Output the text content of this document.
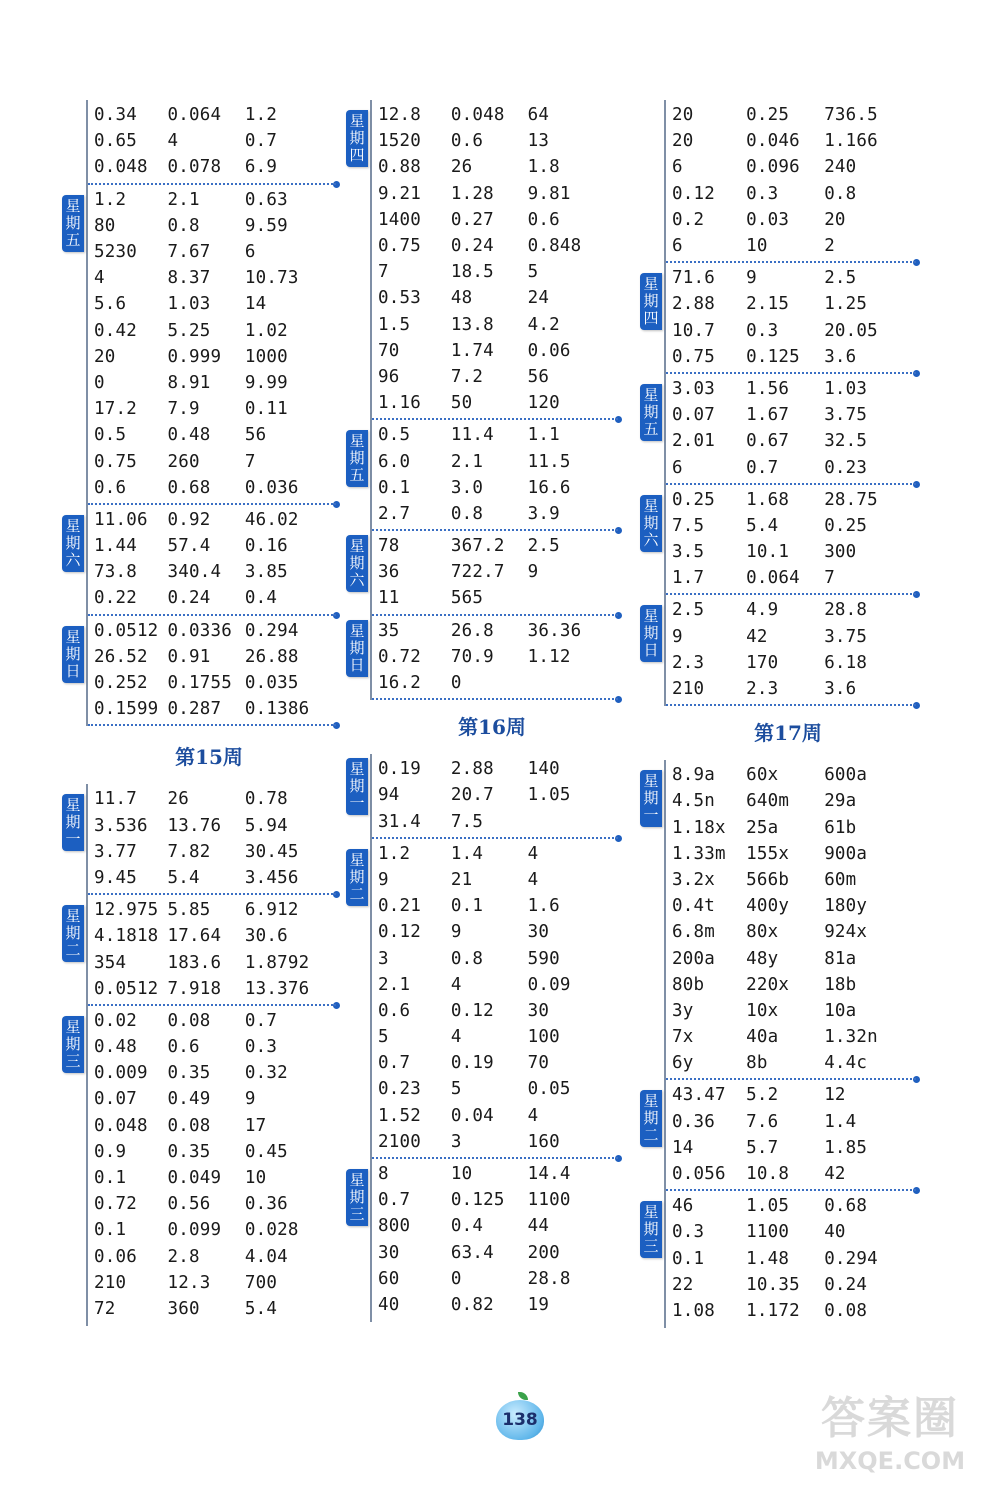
0.34	0.064	1.2
0.65	4	0.7
0.048	0.078	6.9
星期五
1.2	2.1	0.63
80	0.8	9.59
5230	7.67	6
4	8.37	10.73
5.6	1.03	14
0.42	5.25	1.02
20	0.999	1000
0	8.91	9.99
17.2	7.9	0.11
0.5	0.48	56
0.75	260	7
0.6	0.68	0.036
星期六
11.06	0.92	46.02
1.44	57.4	0.16
73.8	340.4	3.85
0.22	0.24	0.4
星期日
0.0512 0.0336 0.294
26.52	0.91	26.88
0.252	0.1755 0.035
0.1599 0.287	0.1386
第15周
星期一
11.7	26	0.78
3.536	13.76	5.94
3.77	7.82	30.45
9.45	5.4	3.456
星期二
12.975 5.85	6.912
4.1818 17.64	30.6
354	183.6	1.8792
0.0512 7.918	13.376
星期三
0.02	0.08	0.7
0.48	0.6	0.3
0.009	0.35	0.32
0.07	0.49	9
0.048	0.08	17
0.9	0.35	0.45
0.1	0.049	10
0.72	0.56	0.36
0.1	0.099	0.028
0.06	2.8	4.04
210	12.3	700
72	360	5.4
星期四
12.8	0.048	64
1520	0.6	13
0.88	26	1.8
9.21	1.28	9.81
1400	0.27	0.6
0.75	0.24	0.848
7	18.5	5
0.53	48	24
1.5	13.8	4.2
70	1.74	0.06
96	7.2	56
1.16	50	120
星期五
0.5	11.4	1.1
6.0	2.1	11.5
0.1	3.0	16.6
2.7	0.8	3.9
星期六
78	367.2	2.5
36	722.7	9
11	565
星期日
35	26.8	36.36
0.72	70.9	1.12
16.2	0
第16周
星期一
0.19	2.88	140
94	20.7	1.05
31.4	7.5
星期二
1.2	1.4	4
9	21	4
0.21	0.1	1.6
0.12	9	30
3	0.8	590
2.1	4	0.09
0.6	0.12	30
5	4	100
0.7	0.19	70
0.23	5	0.05
1.52	0.04	4
2100	3	160
星期三
8	10	14.4
0.7	0.125	1100
800	0.4	44
30	63.4	200
60	0	28.8
40	0.82	19
20	0.25	736.5
20	0.046	1.166
6	0.096	240
0.12	0.3	0.8
0.2	0.03	20
6	10	2
星期四
71.6	9	2.5
2.88	2.15	1.25
10.7	0.3	20.05
0.75	0.125	3.6
星期五
3.03	1.56	1.03
0.07	1.67	3.75
2.01	0.67	32.5
6	0.7	0.23
星期六
0.25	1.68	28.75
7.5	5.4	0.25
3.5	10.1	300
1.7	0.064	7
星期日
2.5	4.9	28.8
9	42	3.75
2.3	170	6.18
210	2.3	3.6
第17周
星期一
8.9a	60x	600a
4.5n	640m	29a
1.18x	25a	61b
1.33m	155x	900a
3.2x	566b	60m
0.4t	400y	180y
6.8m	80x	924x
200a	48y	81a
80b	220x	18b
3y	10x	10a
7x	40a	1.32n
6y	8b	4.4c
星期二
43.47	5.2	12
0.36	7.6	1.4
14	5.7	1.85
0.056	10.8	42
星期三
46	1.05	0.68
0.3	1100	40
0.1	1.48	0.294
22	10.35	0.24
1.08	1.172	0.08
138	答案圈
MXQE.COM
